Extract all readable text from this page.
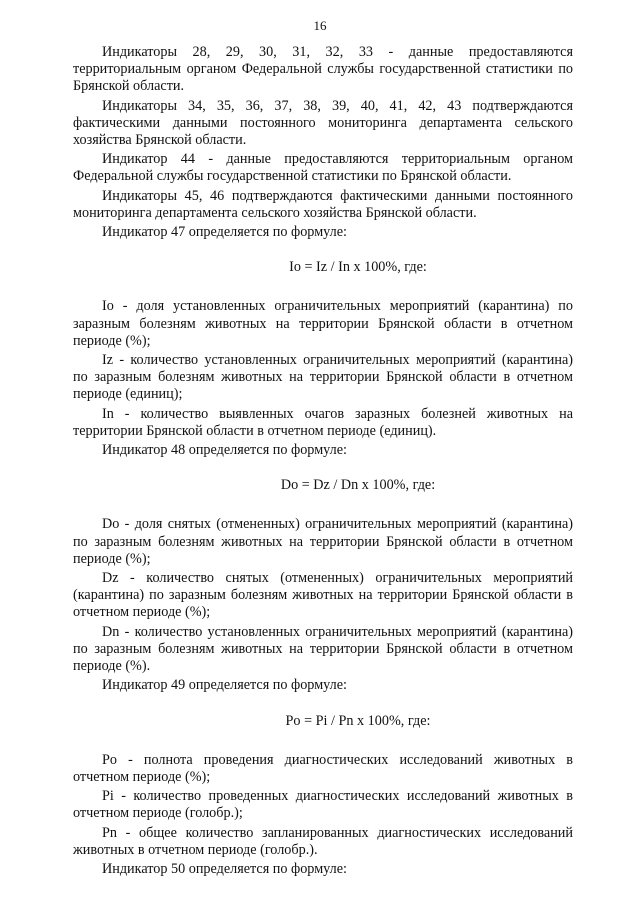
16

Индикаторы 28, 29, 30, 31, 32, 33 - данные предоставляются территориальным органом Федеральной службы государственной статистики по Брянской области.

Индикаторы 34, 35, 36, 37, 38, 39, 40, 41, 42, 43 подтверждаются фактическими данными постоянного мониторинга департамента сельского хозяйства Брянской области.

Индикатор 44 - данные предоставляются территориальным органом Федеральной службы государственной статистики по Брянской области.

Индикаторы 45, 46 подтверждаются фактическими данными постоянного мониторинга департамента сельского хозяйства Брянской области.

Индикатор 47 определяется по формуле:

Io = Iz / In x 100%, где:

Io - доля установленных ограничительных мероприятий (карантина) по заразным болезням животных на территории Брянской области в отчетном периоде (%);

Iz - количество установленных ограничительных мероприятий (карантина) по заразным болезням животных на территории Брянской области в отчетном периоде (единиц);

In - количество выявленных очагов заразных болезней животных на территории Брянской области в отчетном периоде (единиц).

Индикатор 48 определяется по формуле:

Do = Dz / Dn x 100%, где:

Do - доля снятых (отмененных) ограничительных мероприятий (карантина) по заразным болезням животных на территории Брянской области в отчетном периоде (%);

Dz - количество снятых (отмененных) ограничительных мероприятий (карантина) по заразным болезням животных на территории Брянской области в отчетном периоде (%);

Dn - количество установленных ограничительных мероприятий (карантина) по заразным болезням животных на территории Брянской области в отчетном периоде (%).

Индикатор 49 определяется по формуле:

Po = Pi / Pn x 100%, где:

Po - полнота проведения диагностических исследований животных в отчетном периоде (%);

Pi - количество проведенных диагностических исследований животных в отчетном периоде (голобр.);

Pn - общее количество запланированных диагностических исследований животных в отчетном периоде (голобр.).

Индикатор 50 определяется по формуле:
